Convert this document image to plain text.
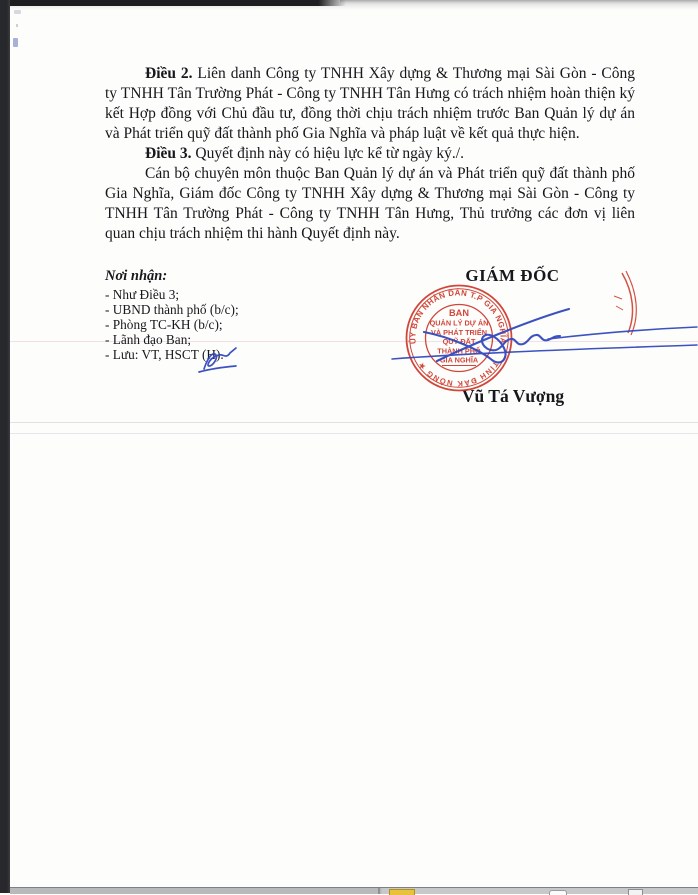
Điều 2. Liên danh Công ty TNHH Xây dựng & Thương mại Sài Gòn - Công ty TNHH Tân Trường Phát - Công ty TNHH Tân Hưng có trách nhiệm hoàn thiện ký kết Hợp đồng với Chủ đầu tư, đồng thời chịu trách nhiệm trước Ban Quản lý dự án và Phát triển quỹ đất thành phố Gia Nghĩa và pháp luật về kết quả thực hiện.

Điều 3. Quyết định này có hiệu lực kể từ ngày ký./.

Cán bộ chuyên môn thuộc Ban Quản lý dự án và Phát triển quỹ đất thành phố Gia Nghĩa, Giám đốc Công ty TNHH Xây dựng & Thương mại Sài Gòn - Công ty TNHH Tân Trường Phát - Công ty TNHH Tân Hưng, Thủ trưởng các đơn vị liên quan chịu trách nhiệm thi hành Quyết định này.

Nơi nhận:
- Như Điều 3;
- UBND thành phố (b/c);
- Phòng TC-KH (b/c);
- Lãnh đạo Ban;
- Lưu: VT, HSCT (H).
GIÁM ĐỐC
Vũ Tá Vượng
ỦY BAN NHÂN DÂN T.P GIA NGHĨA
TỈNH ĐẮK NÔNG ★
BAN
QUẢN LÝ DỰ ÁN
VÀ PHÁT TRIỂN
QUỸ ĐẤT
THÀNH PHỐ
GIA NGHĨA
